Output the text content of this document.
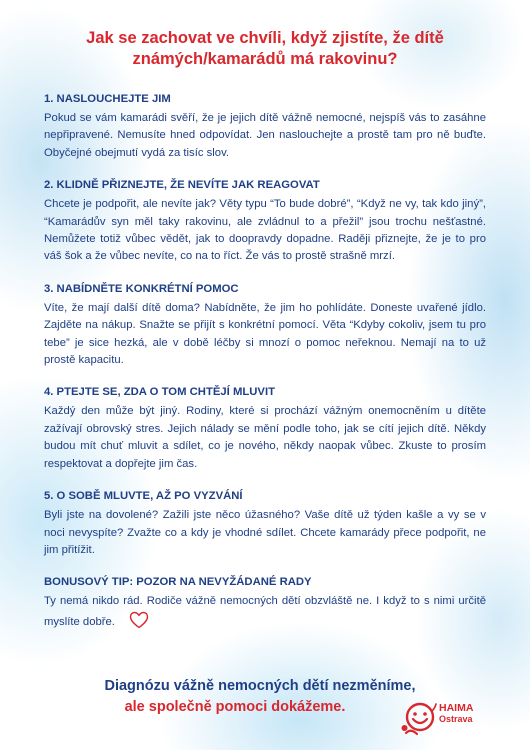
Jak se zachovat ve chvíli, když zjistíte, že dítě známých/kamarádů má rakovinu?

1. NASLOUCHEJTE JIM

Pokud se vám kamarádi svěří, že je jejich dítě vážně nemocné, nejspíš vás to zasáhne nepřipravené. Nemusíte hned odpovídat. Jen naslouchejte a prostě tam pro ně buďte. Obyčejné obejmutí vydá za tisíc slov.

2. KLIDNĚ PŘIZNEJTE, ŽE NEVÍTE JAK REAGOVAT

Chcete je podpořit, ale nevíte jak? Věty typu “To bude dobré”, “Když ne vy, tak kdo jiný”, “Kamarádův syn měl taky rakovinu, ale zvládnul to a přežil” jsou trochu nešťastné. Nemůžete totiž vůbec vědět, jak to doopravdy dopadne. Raději přiznejte, že je to pro váš šok a že vůbec nevíte, co na to říct. Že vás to prostě strašně mrzí.

3. NABÍDNĚTE KONKRÉTNÍ POMOC

Víte, že mají další dítě doma? Nabídněte, že jim ho pohlídáte. Doneste uvařené jídlo. Zajděte na nákup. Snažte se přijít s konkrétní pomocí. Věta “Kdyby cokoliv, jsem tu pro tebe” je sice hezká, ale v době léčby si mnozí o pomoc neřeknou. Nemají na to už prostě kapacitu.

4. PTEJTE SE, ZDA O TOM CHTĚJÍ MLUVIT

Každý den může být jiný. Rodiny, které si prochází vážným onemocněním u dítěte zažívají obrovský stres. Jejich nálady se mění podle toho, jak se cítí jejich dítě. Někdy budou mít chuť mluvit a sdílet, co je nového, někdy naopak vůbec. Zkuste to prosím respektovat a dopřejte jim čas.

5. O SOBĚ MLUVTE, AŽ PO VYZVÁNÍ

Byli jste na dovolené? Zažili jste něco úžasného? Vaše dítě už týden kašle a vy se v noci nevyspíte? Zvažte co a kdy je vhodné sdílet. Chcete kamarády přece podpořit, ne jim přitížit.

BONUSOVÝ TIP: POZOR NA NEVYŽÁDANÉ RADY

Ty nemá nikdo rád. Rodiče vážně nemocných dětí obzvláště ne. I když to s nimi určitě myslíte dobře.

Diagnózu vážně nemocných dětí nezměníme,
ale společně pomoci dokážeme.	HAIMA
Ostrava
